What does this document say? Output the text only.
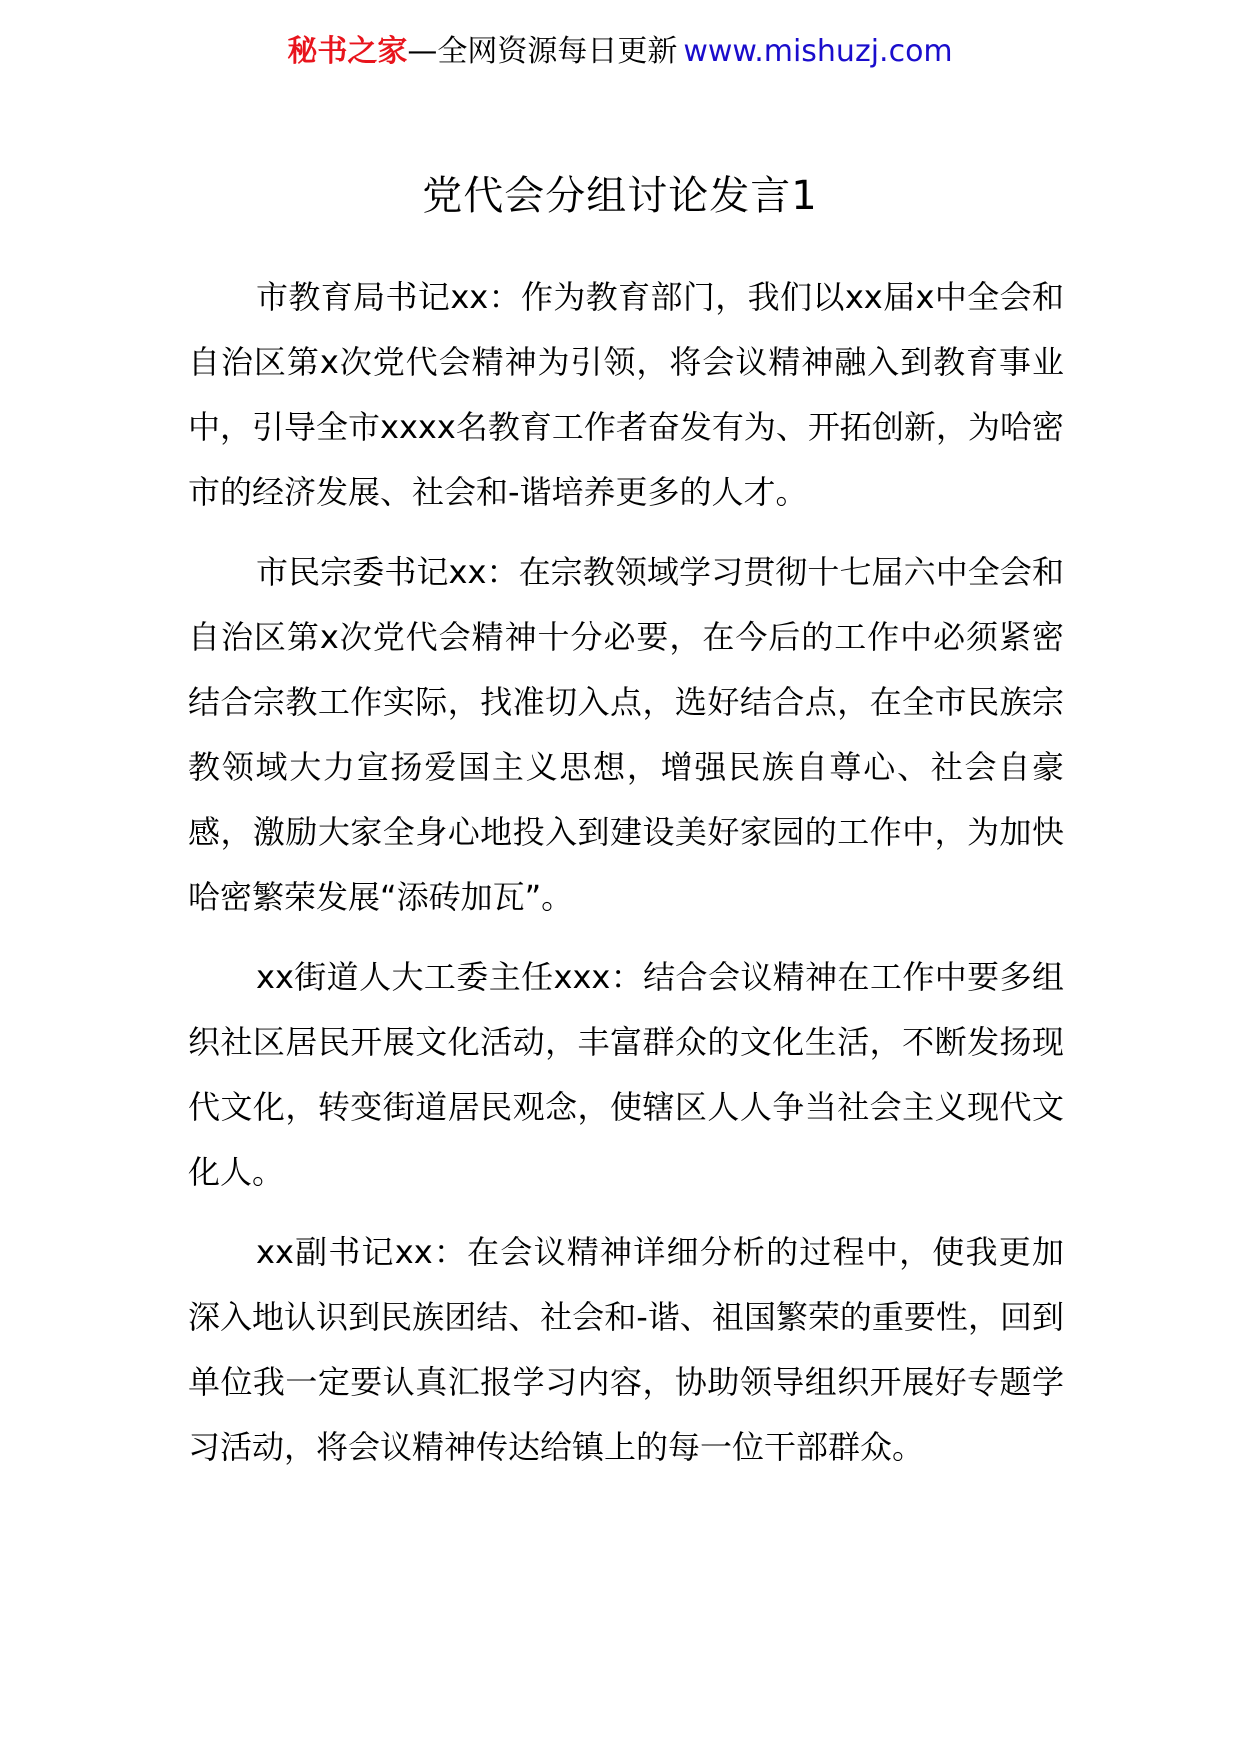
秘书之家—全网资源每日更新 www.mishuzj.com
党代会分组讨论发言1

市教育局书记xx：作为教育部门，我们以xx届x中全会和自治区第x次党代会精神为引领，将会议精神融入到教育事业中，引导全市xxxx名教育工作者奋发有为、开拓创新，为哈密市的经济发展、社会和-谐培养更多的人才。

市民宗委书记xx：在宗教领域学习贯彻十七届六中全会和自治区第x次党代会精神十分必要，在今后的工作中必须紧密结合宗教工作实际，找准切入点，选好结合点，在全市民族宗教领域大力宣扬爱国主义思想，增强民族自尊心、社会自豪感，激励大家全身心地投入到建设美好家园的工作中，为加快哈密繁荣发展“添砖加瓦”。

xx街道人大工委主任xxx：结合会议精神在工作中要多组织社区居民开展文化活动，丰富群众的文化生活，不断发扬现代文化，转变街道居民观念，使辖区人人争当社会主义现代文化人。

xx副书记xx：在会议精神详细分析的过程中，使我更加深入地认识到民族团结、社会和-谐、祖国繁荣的重要性，回到单位我一定要认真汇报学习内容，协助领导组织开展好专题学习活动，将会议精神传达给镇上的每一位干部群众。
